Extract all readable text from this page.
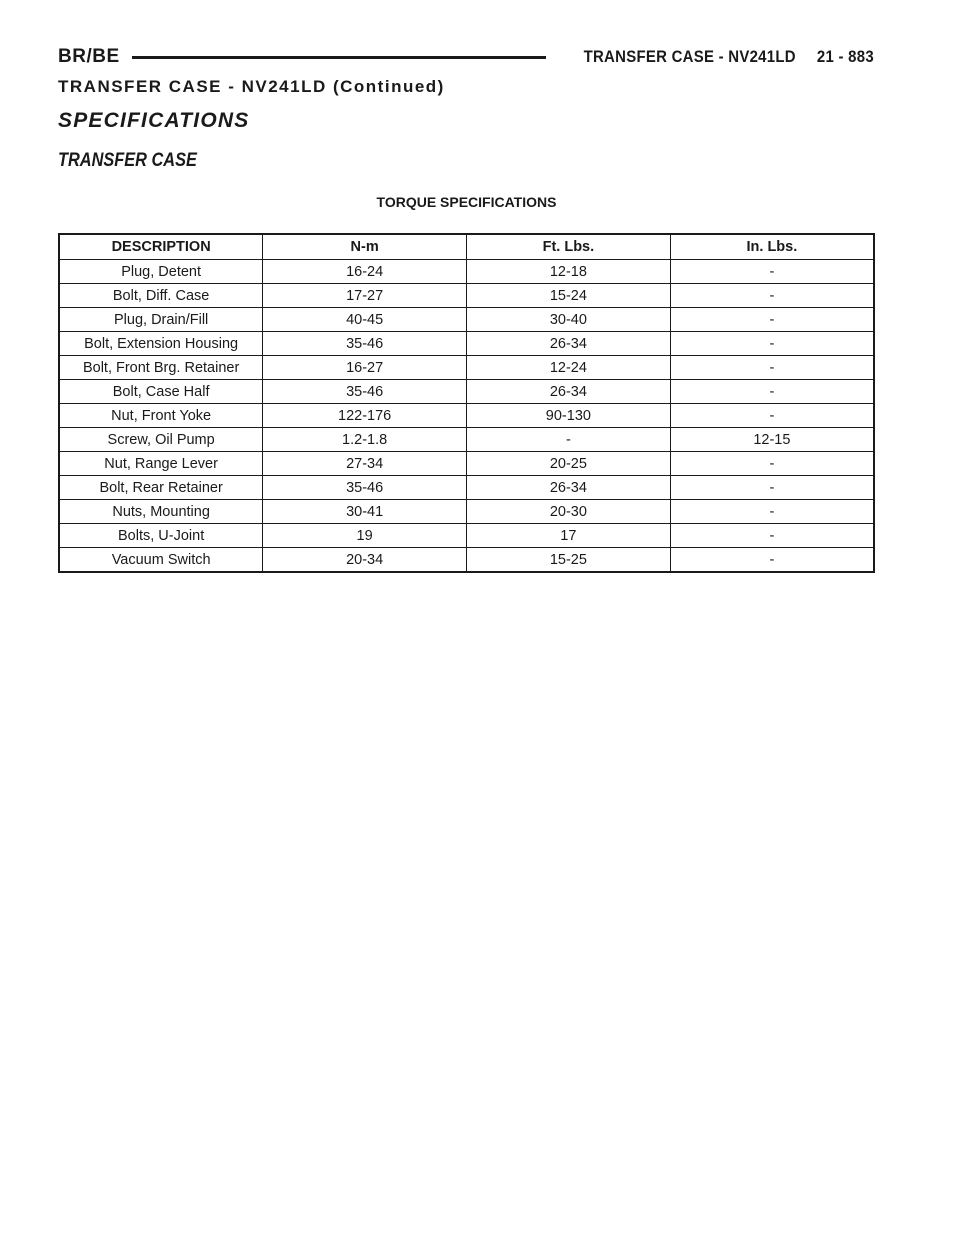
BR/BE	TRANSFER CASE - NV241LD 21 - 883
TRANSFER CASE - NV241LD (Continued)
SPECIFICATIONS
TRANSFER CASE
TORQUE SPECIFICATIONS
DESCRIPTION	N-m	Ft. Lbs.	In. Lbs.
Plug, Detent	16-24	12-18	-
Bolt, Diff. Case	17-27	15-24	-
Plug, Drain/Fill	40-45	30-40	-
Bolt, Extension Housing	35-46	26-34	-
Bolt, Front Brg. Retainer	16-27	12-24	-
Bolt, Case Half	35-46	26-34	-
Nut, Front Yoke	122-176	90-130	-
Screw, Oil Pump	1.2-1.8	-	12-15
Nut, Range Lever	27-34	20-25	-
Bolt, Rear Retainer	35-46	26-34	-
Nuts, Mounting	30-41	20-30	-
Bolts, U-Joint	19	17	-
Vacuum Switch	20-34	15-25	-
